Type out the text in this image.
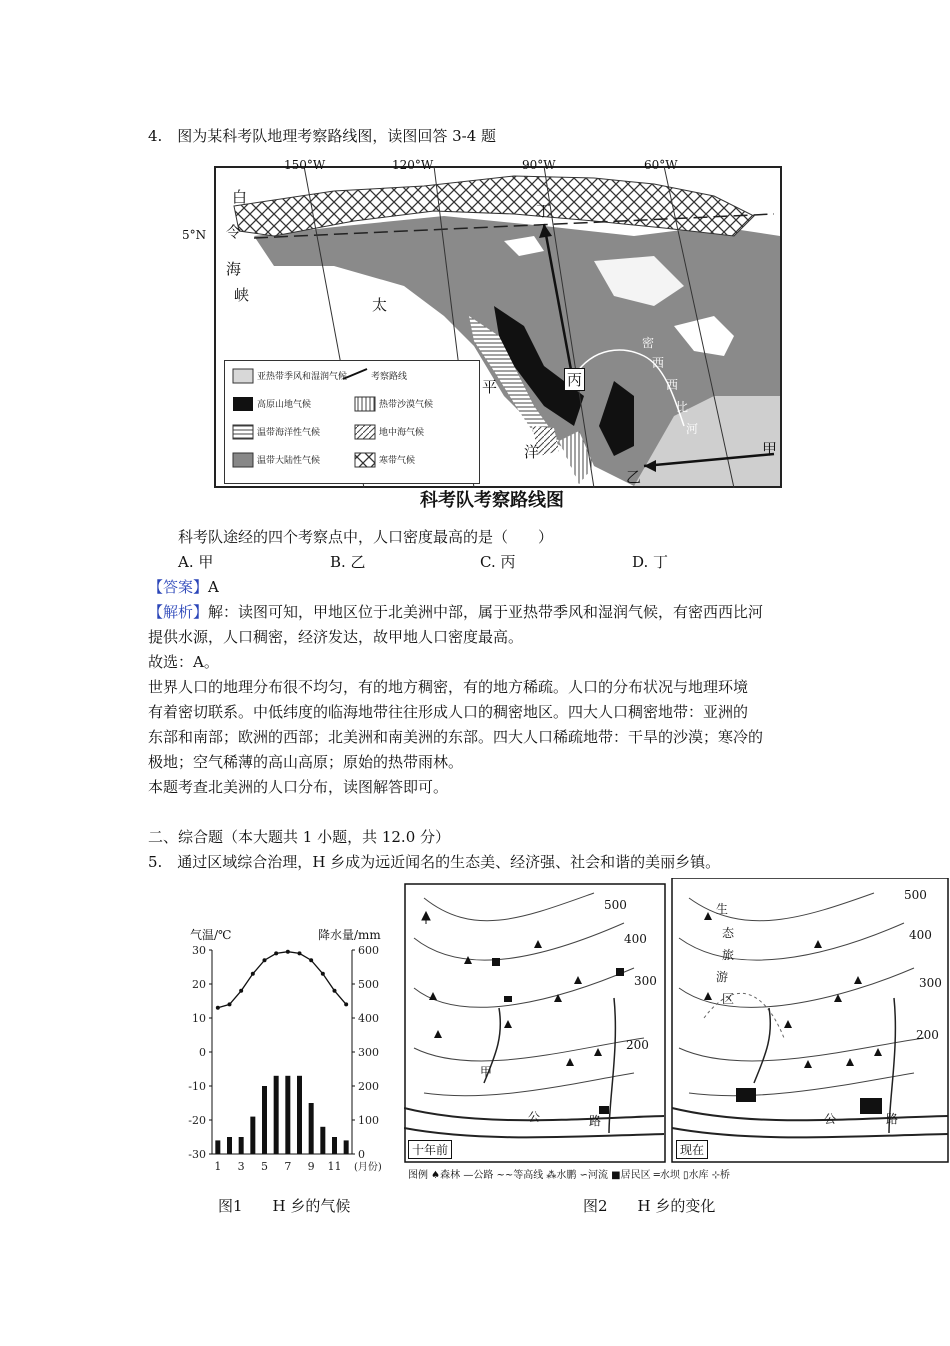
4.　图为某科考队地理考察路线图，读图回答 3-4 题
150°W	120°W	90°W	60°W
5°N
白
令
海
峡
太
平
洋
密
西
西
比
河
丁
丙
乙
甲
亚热带季风和湿润气候	考察路线
高原山地气候	热带沙漠气候
温带海洋性气候	地中海气候
温带大陆性气候	寒带气候
科考队考察路线图
科考队途经的四个考察点中，人口密度最高的是（　　）
A. 甲	B. 乙	C. 丙	D. 丁
【答案】A
【解析】解：读图可知，甲地区位于北美洲中部，属于亚热带季风和湿润气候，有密西西比河
提供水源，人口稠密，经济发达，故甲地人口密度最高。
故选：A。
世界人口的地理分布很不均匀，有的地方稠密，有的地方稀疏。人口的分布状况与地理环境
有着密切联系。中低纬度的临海地带往往形成人口的稠密地区。四大人口稠密地带：亚洲的
东部和南部；欧洲的西部；北美洲和南美洲的东部。四大人口稀疏地带：干旱的沙漠；寒冷的
极地；空气稀薄的高山高原；原始的热带雨林。
本题考查北美洲的人口分布，读图解答即可。
二、综合题（本大题共 1 小题，共 12.0 分）
5.　通过区域综合治理，H 乡成为远近闻名的生态美、经济强、社会和谐的美丽乡镇。
气温/℃	降水量/mm
30
20
10
0
-10
-20
-30
600
500
400
300
200
100
0
1 3 5 7 9 11 (月份)
图1　　H 乡的气候
500
400
300
200
500
400
300
200
甲
公	路
生
态
旅
游
区
公	路
十年前	现在
图例 ♠森林 —公路 ~~等高线 ⁂水鹏 ∽河流 ■居民区 ═水坝 ▯水库 ⊹桥
图2　　H 乡的变化
